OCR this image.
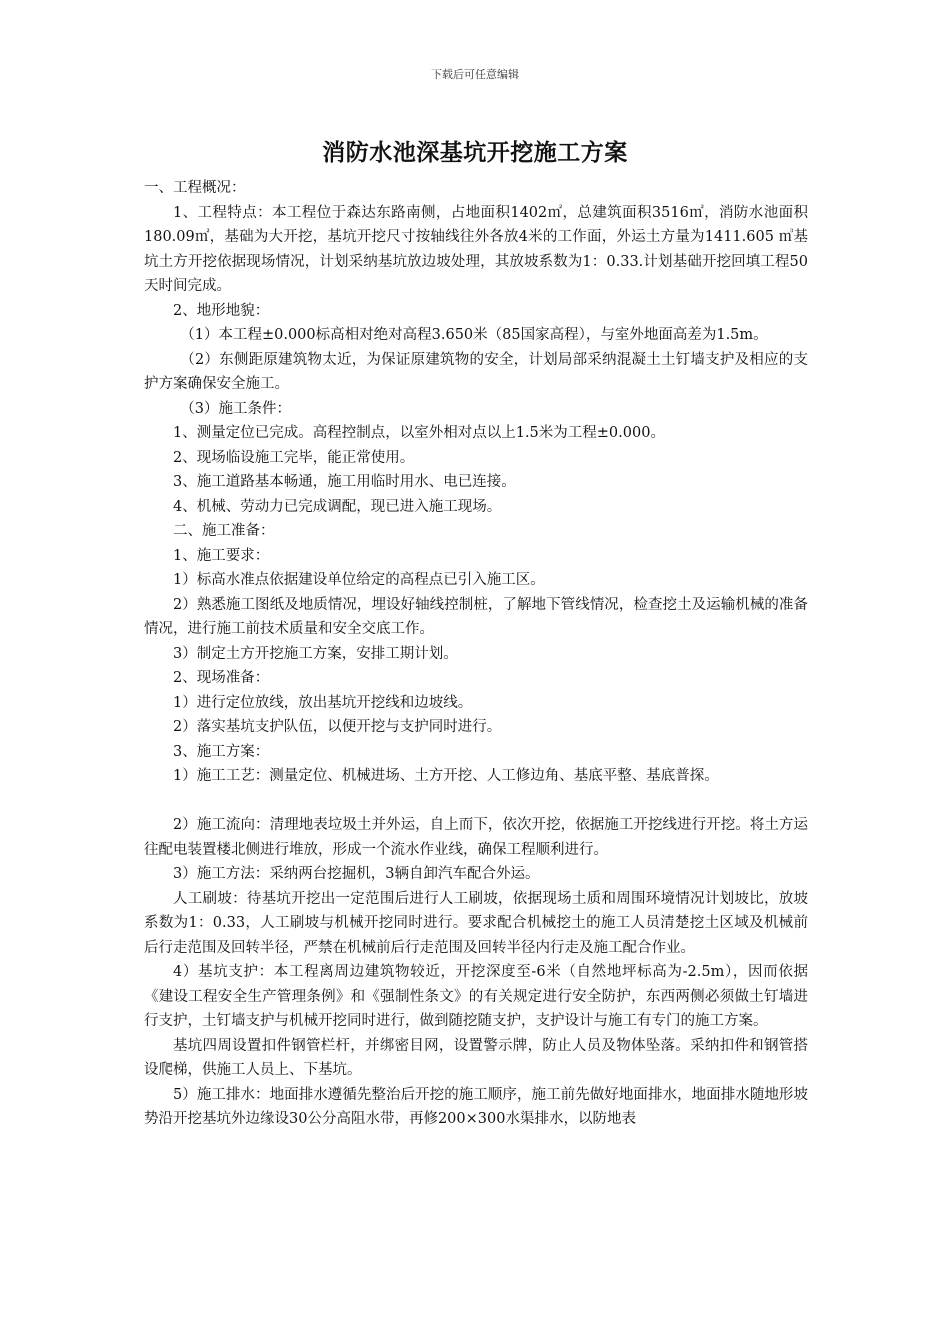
下载后可任意编辑
消防水池深基坑开挖施工方案

一、工程概况：

1、工程特点：本工程位于森达东路南侧，占地面积1402㎡，总建筑面积3516㎡，消防水池面积180.09㎡，基础为大开挖，基坑开挖尺寸按轴线往外各放4米的工作面，外运土方量为1411.605 ㎥基坑土方开挖依据现场情况，计划采纳基坑放边坡处理，其放坡系数为1：0.33.计划基础开挖回填工程50天时间完成。

2、地形地貌：

（1）本工程±0.000标高相对绝对高程3.650米（85国家高程），与室外地面高差为1.5m。

（2）东侧距原建筑物太近，为保证原建筑物的安全，计划局部采纳混凝土土钉墙支护及相应的支护方案确保安全施工。

（3）施工条件：

1、测量定位已完成。高程控制点，以室外相对点以上1.5米为工程±0.000。

2、现场临设施工完毕，能正常使用。

3、施工道路基本畅通，施工用临时用水、电已连接。

4、机械、劳动力已完成调配，现已进入施工现场。

二、施工准备：

1、施工要求：

1）标高水准点依据建设单位给定的高程点已引入施工区。

2）熟悉施工图纸及地质情况，埋设好轴线控制桩，了解地下管线情况，检查挖土及运输机械的准备情况，进行施工前技术质量和安全交底工作。

3）制定土方开挖施工方案，安排工期计划。

2、现场准备：

1）进行定位放线，放出基坑开挖线和边坡线。

2）落实基坑支护队伍，以便开挖与支护同时进行。

3、施工方案：

1）施工工艺：测量定位、机械进场、土方开挖、人工修边角、基底平整、基底普探。

2）施工流向：清理地表垃圾土并外运，自上而下，依次开挖，依据施工开挖线进行开挖。将土方运往配电装置楼北侧进行堆放，形成一个流水作业线，确保工程顺利进行。

3）施工方法：采纳两台挖掘机，3辆自卸汽车配合外运。

人工刷坡：待基坑开挖出一定范围后进行人工刷坡，依据现场土质和周围环境情况计划坡比，放坡系数为1：0.33，人工刷坡与机械开挖同时进行。要求配合机械挖土的施工人员清楚挖土区域及机械前后行走范围及回转半径，严禁在机械前后行走范围及回转半径内行走及施工配合作业。

4）基坑支护：本工程离周边建筑物较近，开挖深度至-6米（自然地坪标高为-2.5m），因而依据《建设工程安全生产管理条例》和《强制性条文》的有关规定进行安全防护，东西两侧必须做土钉墙进行支护，土钉墙支护与机械开挖同时进行，做到随挖随支护，支护设计与施工有专门的施工方案。

基坑四周设置扣件钢管栏杆，并绑密目网，设置警示牌，防止人员及物体坠落。采纳扣件和钢管搭设爬梯，供施工人员上、下基坑。

5）施工排水：地面排水遵循先整治后开挖的施工顺序，施工前先做好地面排水，地面排水随地形坡势沿开挖基坑外边缘设30公分高阻水带，再修200×300水渠排水，以防地表
